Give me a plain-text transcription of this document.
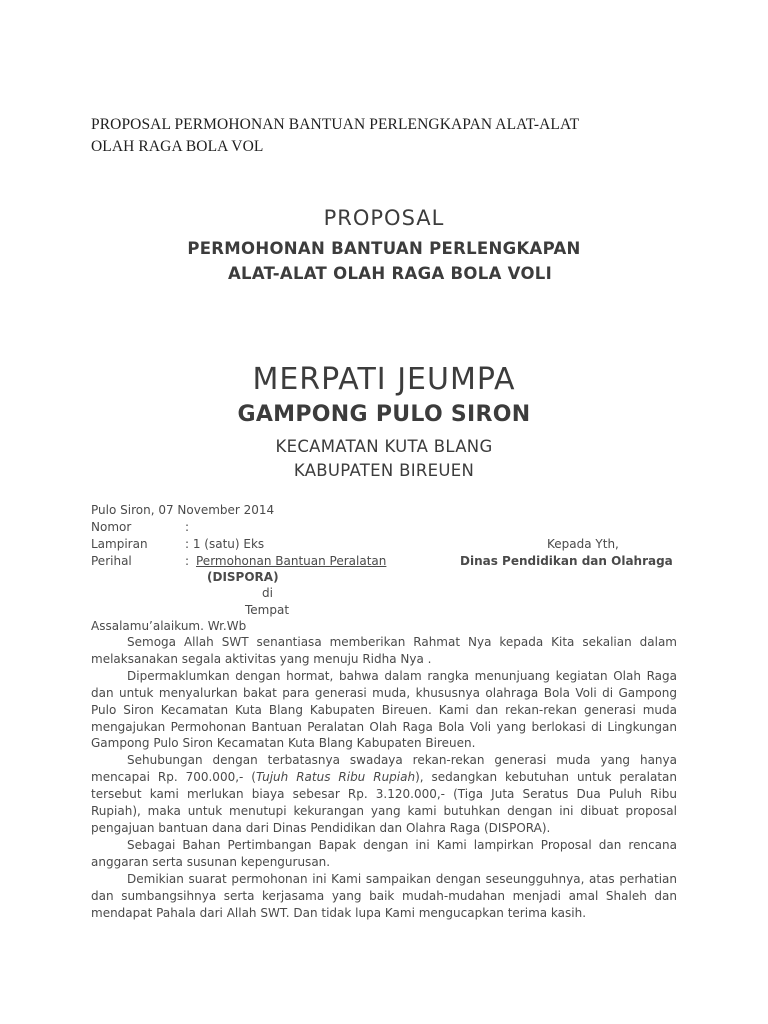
PROPOSAL PERMOHONAN BANTUAN PERLENGKAPAN ALAT-ALAT
OLAH RAGA BOLA VOL
PROPOSAL
PERMOHONAN BANTUAN PERLENGKAPAN
ALAT-ALAT OLAH RAGA BOLA VOLI
MERPATI JEUMPA
GAMPONG PULO SIRON
KECAMATAN KUTA BLANG
KABUPATEN BIREUEN
Pulo Siron, 07 November 2014
Nomor	:
Lampiran	: 1 (satu) Eks	Kepada Yth,
Perihal	: Permohonan Bantuan Peralatan	Dinas Pendidikan dan Olahraga
(DISPORA)
di
Tempat
Assalamu’alaikum. Wr.Wb

Semoga Allah SWT senantiasa memberikan Rahmat Nya kepada Kita sekalian dalam melaksanakan segala aktivitas yang menuju Ridha Nya .

Dipermaklumkan dengan hormat, bahwa dalam rangka menunjuang kegiatan Olah Raga dan untuk menyalurkan bakat para generasi muda, khususnya olahraga Bola Voli di Gampong Pulo Siron Kecamatan Kuta Blang Kabupaten Bireuen. Kami dan rekan-rekan generasi muda mengajukan Permohonan Bantuan Peralatan Olah Raga Bola Voli yang berlokasi di Lingkungan Gampong Pulo Siron Kecamatan Kuta Blang Kabupaten Bireuen.

Sehubungan dengan terbatasnya swadaya rekan-rekan generasi muda yang hanya mencapai Rp. 700.000,- (Tujuh Ratus Ribu Rupiah), sedangkan kebutuhan untuk peralatan tersebut kami merlukan biaya sebesar Rp. 3.120.000,- (Tiga Juta Seratus Dua Puluh Ribu Rupiah), maka untuk menutupi kekurangan yang kami butuhkan dengan ini dibuat proposal pengajuan bantuan dana dari Dinas Pendidikan dan Olahra Raga (DISPORA).

Sebagai Bahan Pertimbangan Bapak dengan ini Kami lampirkan Proposal dan rencana anggaran serta susunan kepengurusan.

Demikian suarat permohonan ini Kami sampaikan dengan seseungguhnya, atas perhatian dan sumbangsihnya serta kerjasama yang baik mudah-mudahan menjadi amal Shaleh dan mendapat Pahala dari Allah SWT. Dan tidak lupa Kami mengucapkan terima kasih.
